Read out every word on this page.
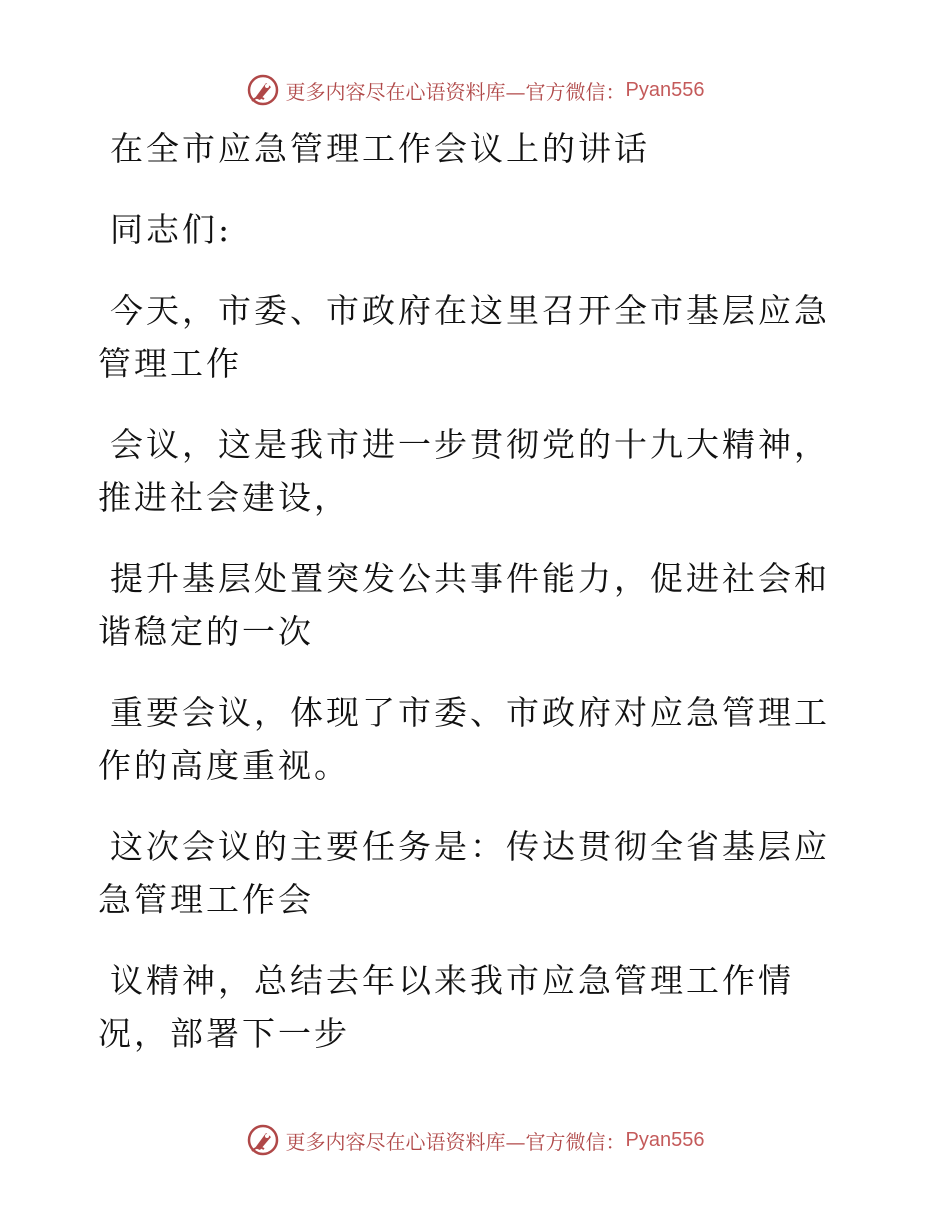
更多内容尽在心语资料库—官方微信： Pyan556

在全市应急管理工作会议上的讲话

同志们:

今天，市委、市政府在这里召开全市基层应急管理工作

会议，这是我市进一步贯彻党的十九大精神，推进社会建设，

提升基层处置突发公共事件能力，促进社会和谐稳定的一次

重要会议，体现了市委、市政府对应急管理工作的高度重视。

这次会议的主要任务是：传达贯彻全省基层应急管理工作会

议精神，总结去年以来我市应急管理工作情况，部署下一步

更多内容尽在心语资料库—官方微信： Pyan556
